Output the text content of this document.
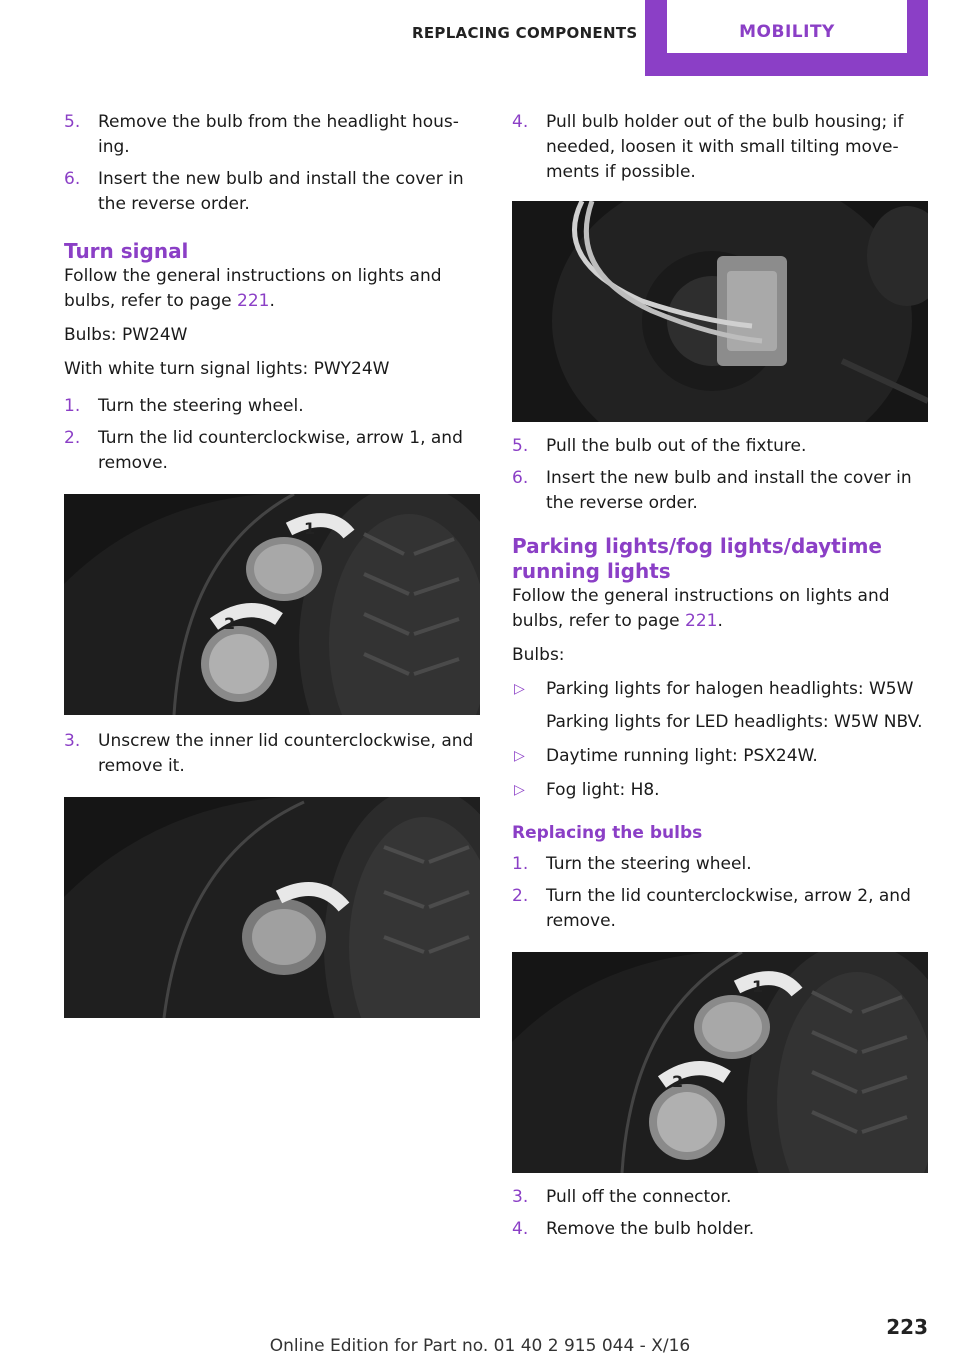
REPLACING COMPONENTS	MOBILITY
5. Remove the bulb from the headlight hous‐ing.
6. Insert the new bulb and install the cover in the reverse order.
Turn signal
Follow the general instructions on lights and bulbs, refer to page 221.
Bulbs: PW24W
With white turn signal lights: PWY24W
1. Turn the steering wheel.
2. Turn the lid counterclockwise, arrow 1, and remove.
1
2
3. Unscrew the inner lid counterclockwise, and remove it.
4. Pull bulb holder out of the bulb housing; if needed, loosen it with small tilting move‐ments if possible.
5. Pull the bulb out of the fixture.
6. Insert the new bulb and install the cover in the reverse order.
Parking lights/fog lights/daytime running lights
Follow the general instructions on lights and bulbs, refer to page 221.
Bulbs:
▷ Parking lights for halogen headlights: W5W
Parking lights for LED headlights: W5W NBV.
▷ Daytime running light: PSX24W.
▷ Fog light: H8.
Replacing the bulbs
1. Turn the steering wheel.
2. Turn the lid counterclockwise, arrow 2, and remove.
1
2
3. Pull off the connector.
4. Remove the bulb holder.
223
Online Edition for Part no. 01 40 2 915 044 - X/16
